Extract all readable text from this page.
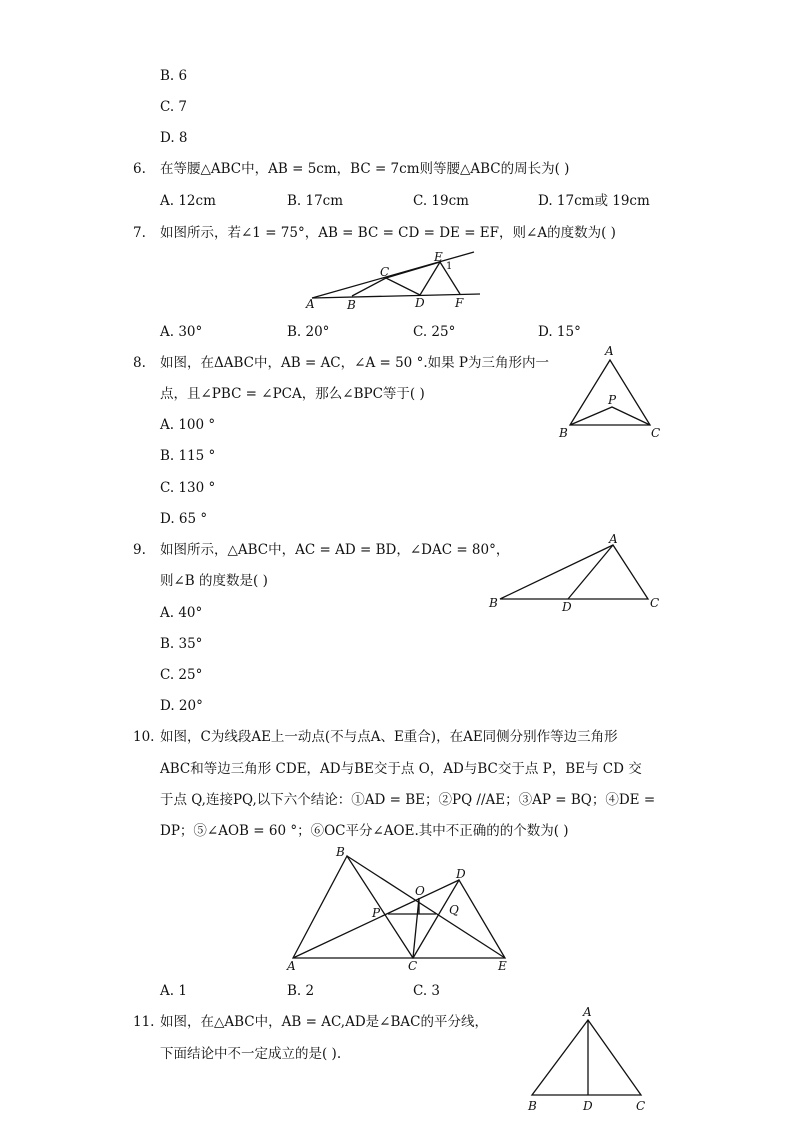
B. 6
C. 7
D. 8
6. 在等腰△ABC中，AB = 5cm，BC = 7cm则等腰△ABC的周长为( )
A. 12cm	B. 17cm	C. 19cm	D. 17cm或 19cm
7. 如图所示，若∠1 = 75°，AB = BC = CD = DE = EF，则∠A的度数为( )
A	B
C
D
E
F
1
A. 30°	B. 20°	C. 25°	D. 15°
8. 如图，在ΔABC中，AB = AC，∠A = 50 °.如果 P为三角形内一
点，且∠PBC = ∠PCA，那么∠BPC等于( )
A. 100 °
B. 115 °
C. 130 °
D. 65 °
A
B	C
P
9. 如图所示，△ABC中，AC = AD = BD，∠DAC = 80°，
则∠B 的度数是( )
A. 40°
B. 35°
C. 25°
D. 20°
A
B	C
D
10. 如图，C为线段AE上一动点(不与点A、E重合)，在AE同侧分别作等边三角形
ABC和等边三角形 CDE，AD与BE交于点 O，AD与BC交于点 P，BE与 CD 交
于点 Q,连接PQ,以下六个结论：①AD = BE；②PQ //AE；③AP = BQ；④DE =
DP；⑤∠AOB = 60 °；⑥OC平分∠AOE.其中不正确的的个数为( )
A
B
C
D
E
O
P	Q
A. 1	B. 2	C. 3
11. 如图，在△ABC中，AB = AC,AD是∠BAC的平分线，
下面结论中不一定成立的是( ).
A
B	C
D
